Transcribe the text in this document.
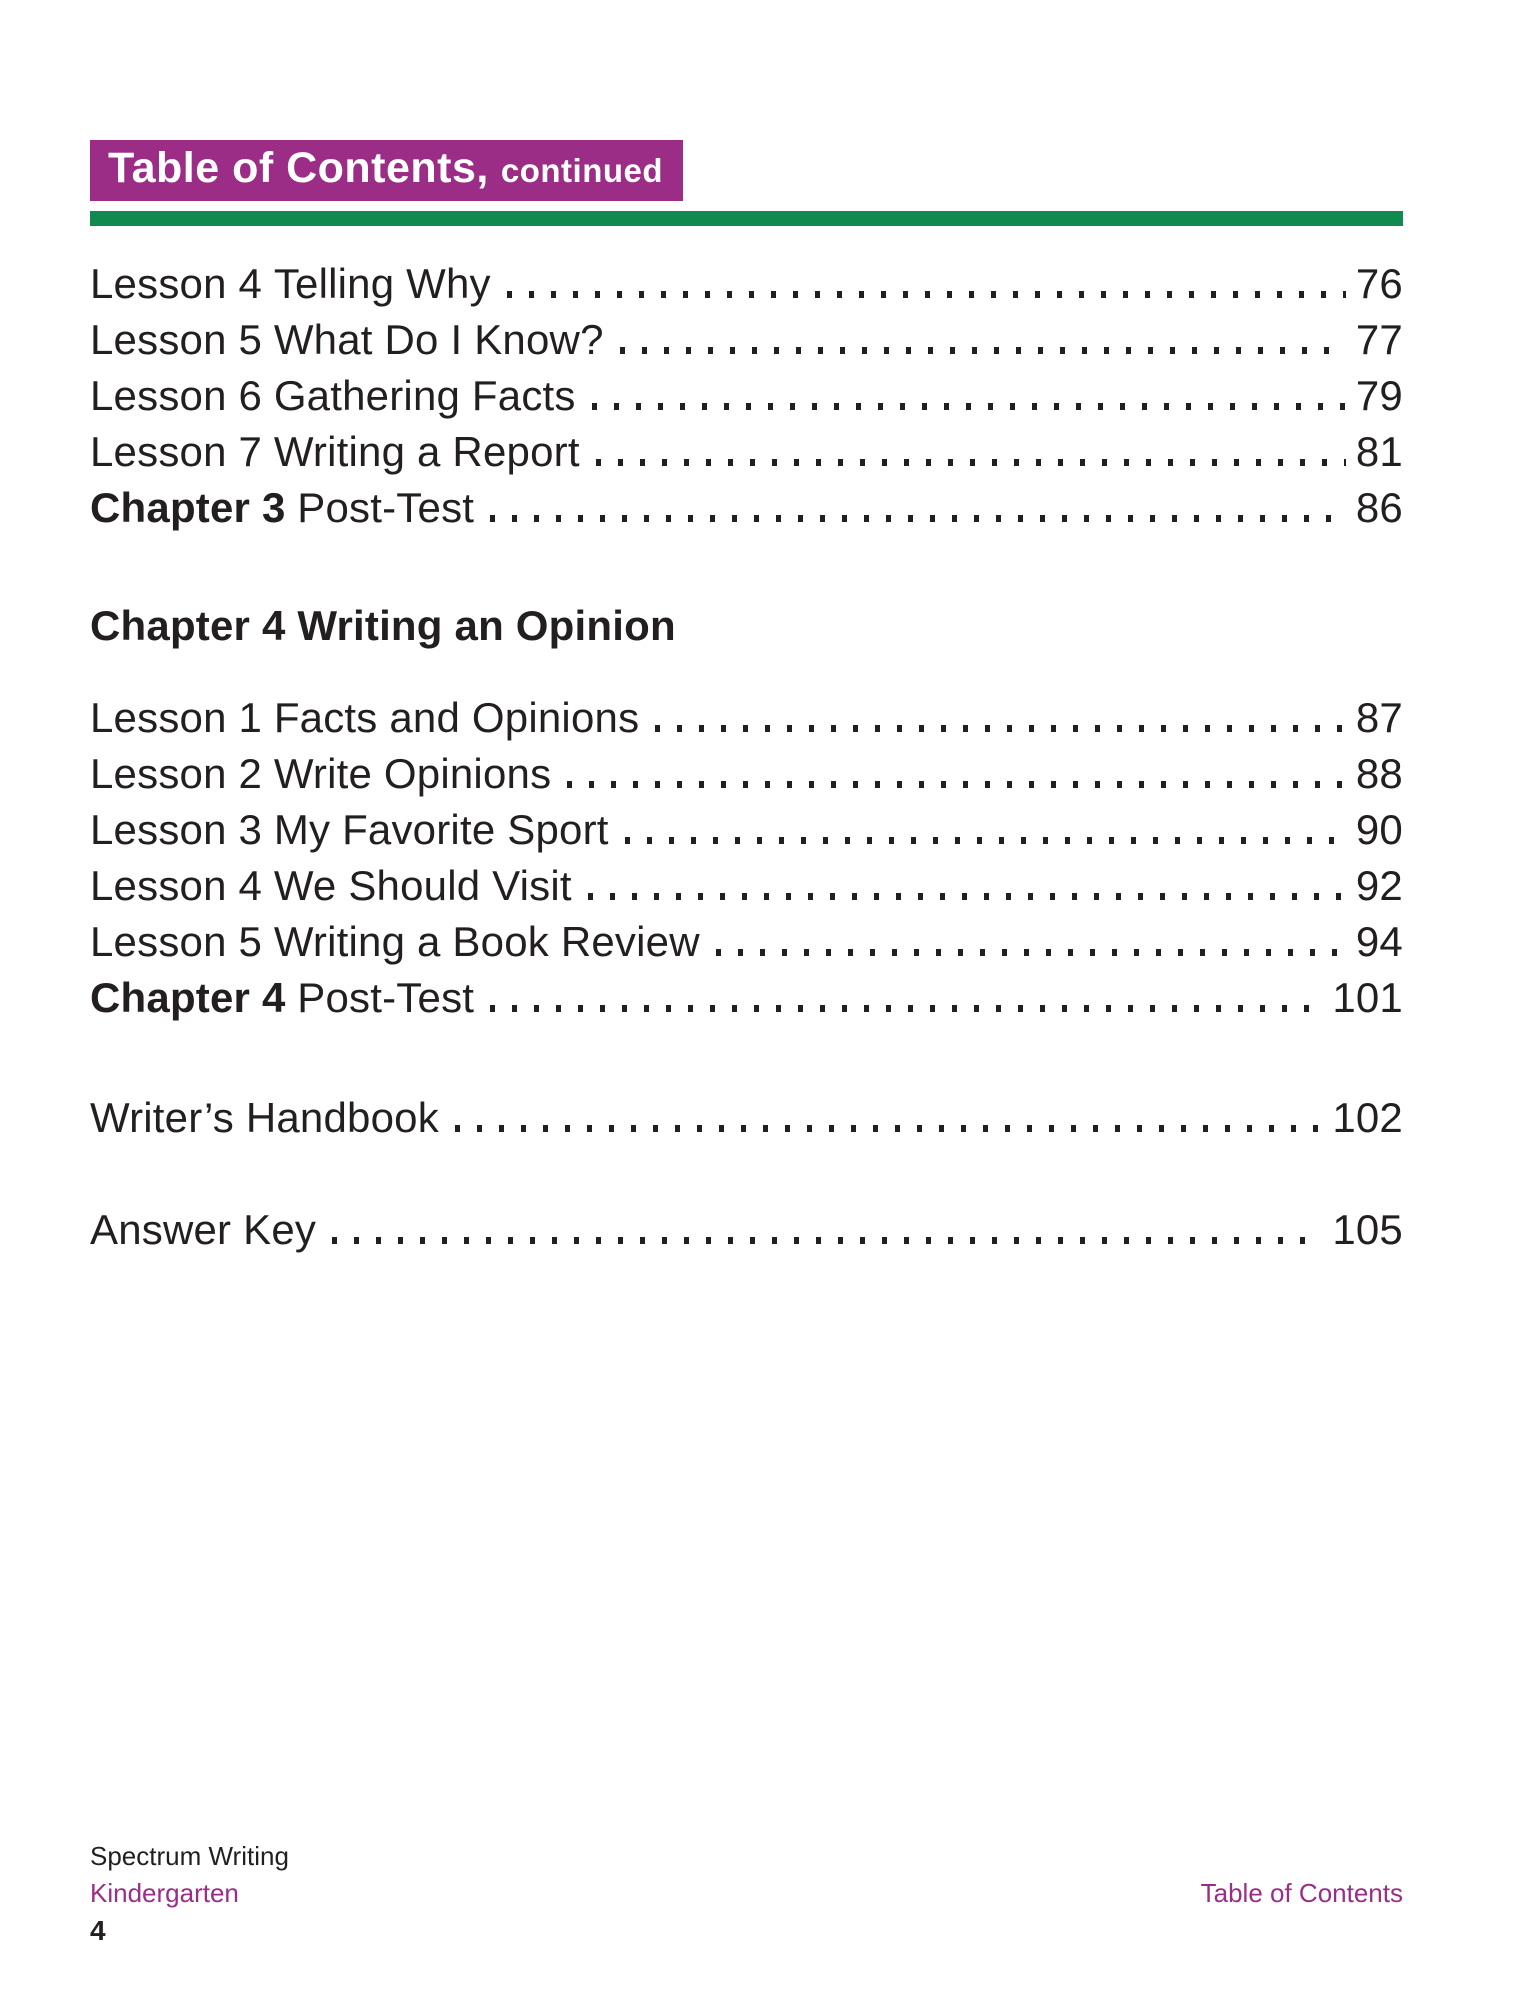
Table of Contents, continued
Lesson 4 Telling Why	76
Lesson 5 What Do I Know?	77
Lesson 6 Gathering Facts	79
Lesson 7 Writing a Report	81
Chapter 3 Post-Test	86
Chapter 4 Writing an Opinion
Lesson 1 Facts and Opinions	87
Lesson 2 Write Opinions	88
Lesson 3 My Favorite Sport	90
Lesson 4 We Should Visit	92
Lesson 5 Writing a Book Review	94
Chapter 4 Post-Test	101
Writer’s Handbook	102
Answer Key	105
Spectrum Writing
Kindergarten
4
Table of Contents
